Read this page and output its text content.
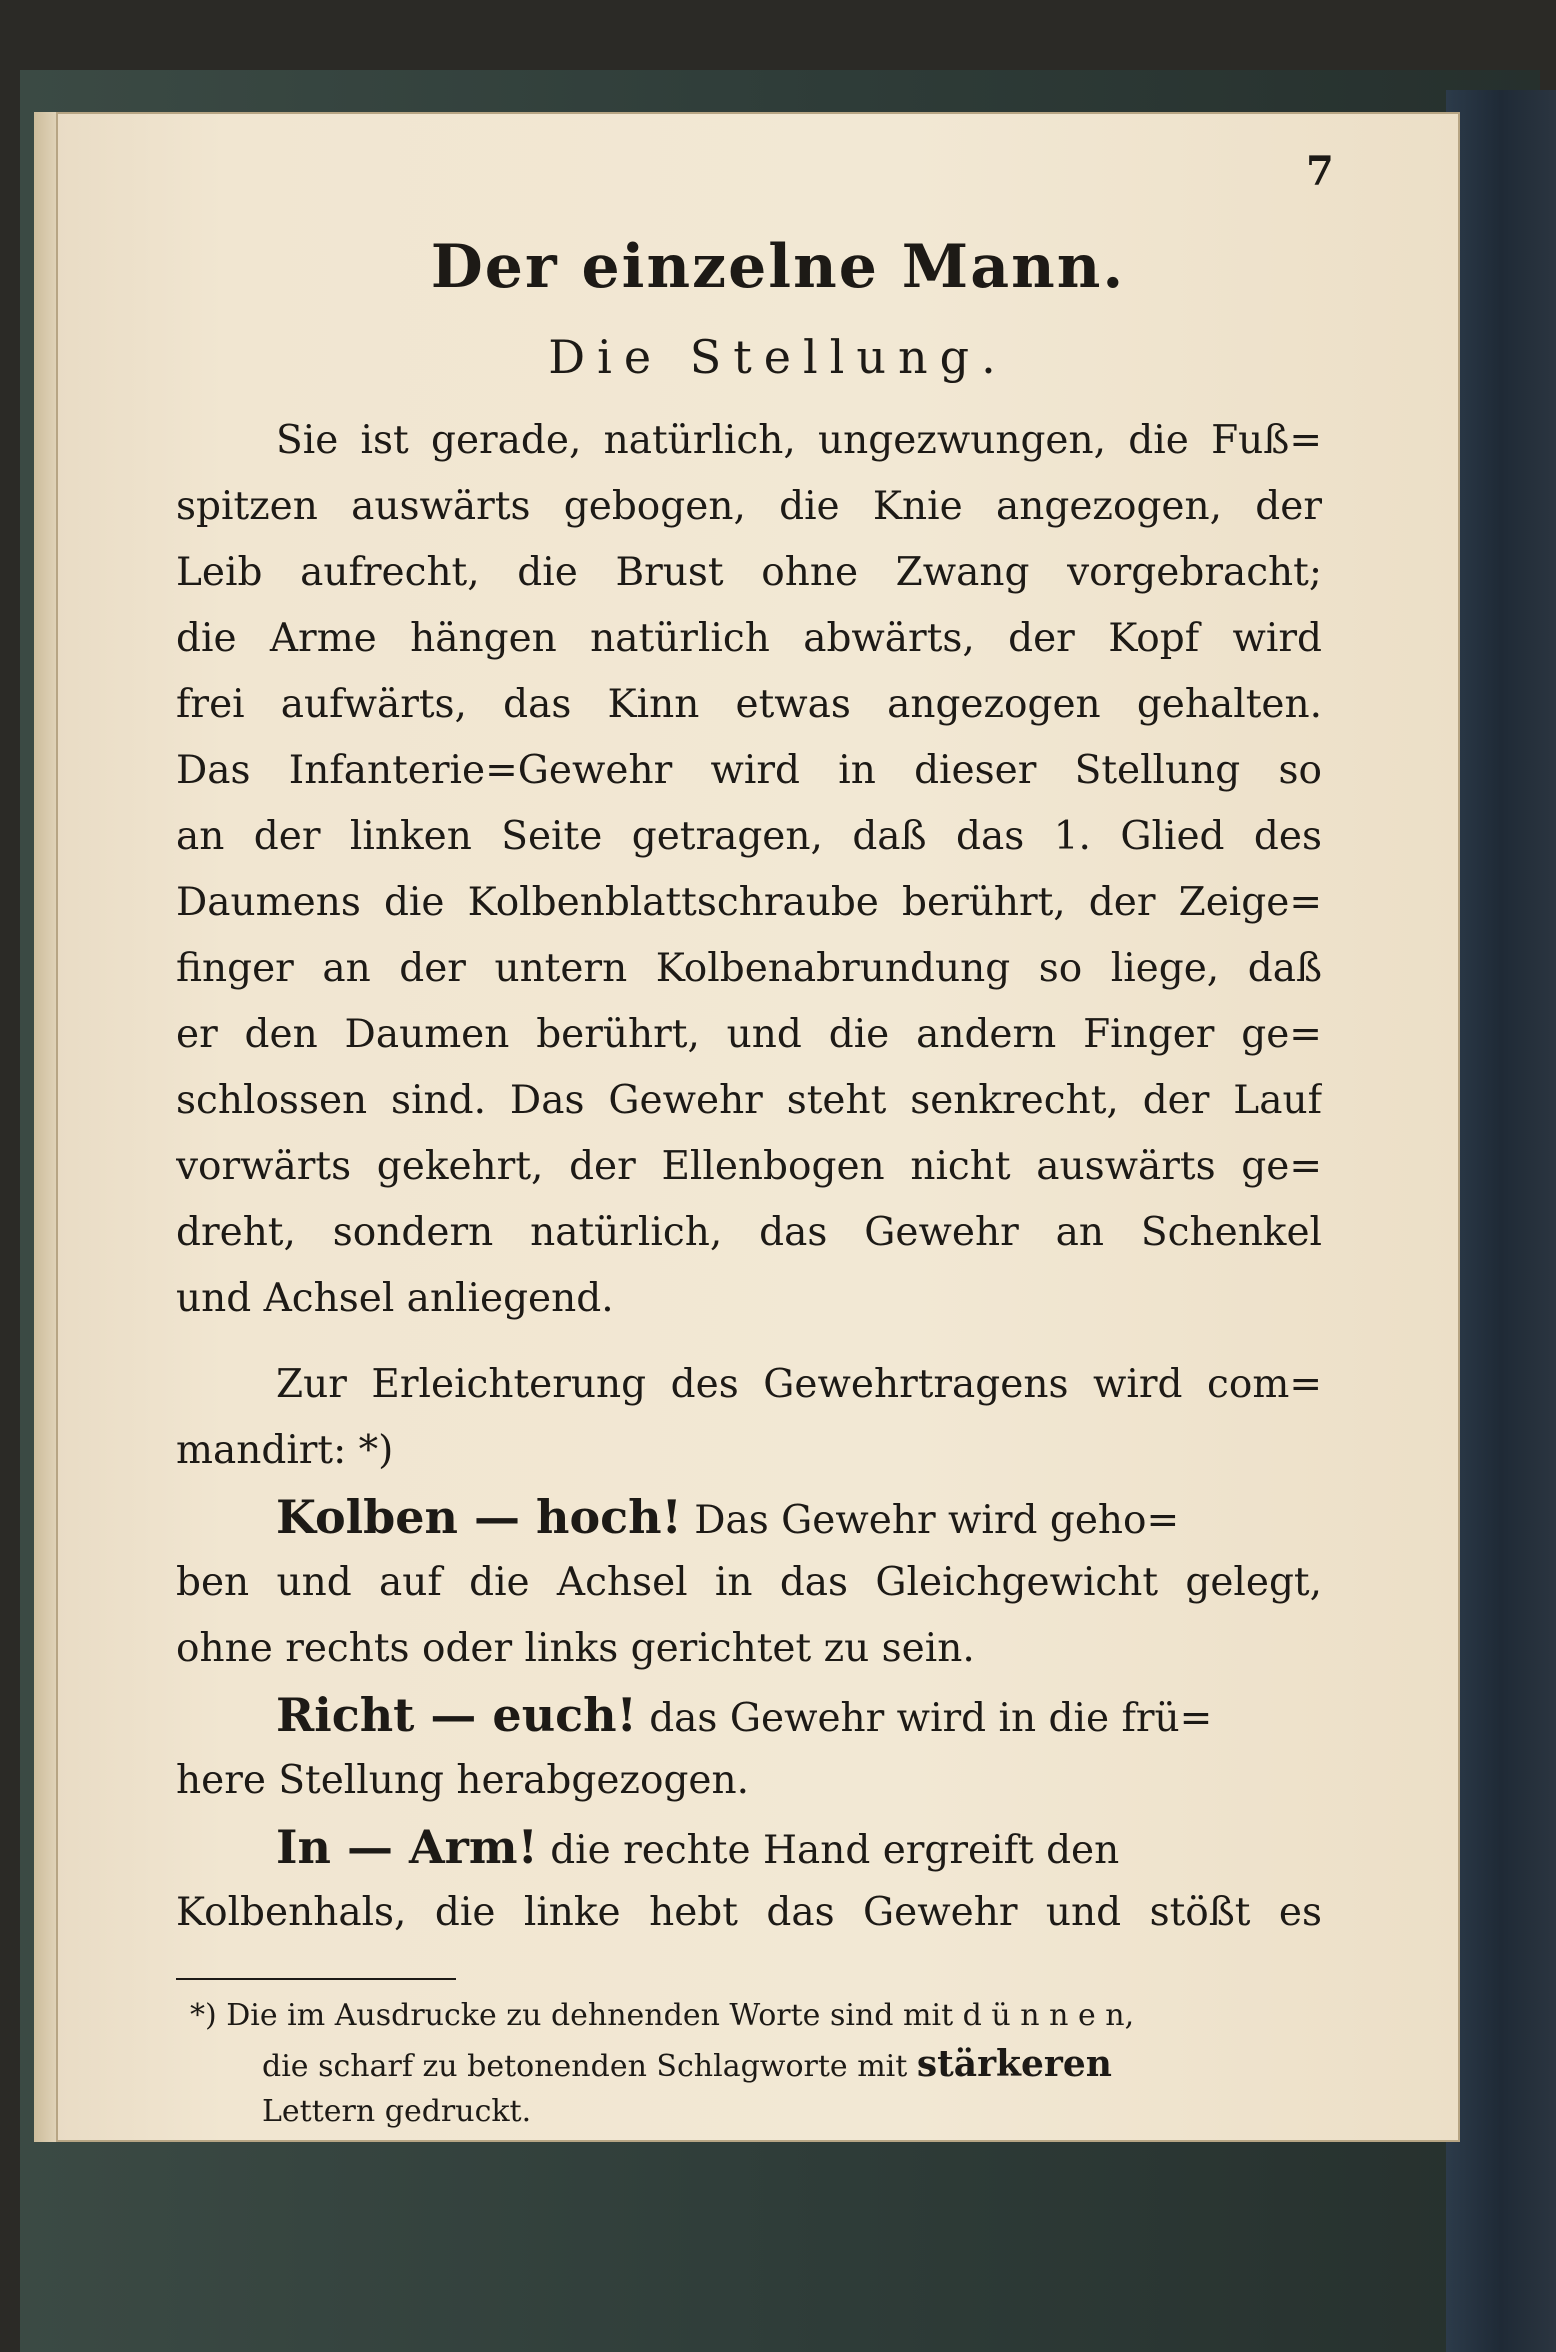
7
Der einzelne Mann.
Die Stellung.
Sie ist gerade, natürlich, ungezwungen, die Fuß=
spitzen auswärts gebogen, die Knie angezogen, der
Leib aufrecht, die Brust ohne Zwang vorgebracht;
die Arme hängen natürlich abwärts, der Kopf wird
frei aufwärts, das Kinn etwas angezogen gehalten.
Das Infanterie=Gewehr wird in dieser Stellung so
an der linken Seite getragen, daß das 1. Glied des
Daumens die Kolbenblattschraube berührt, der Zeige=
finger an der untern Kolbenabrundung so liege, daß
er den Daumen berührt, und die andern Finger ge=
schlossen sind. Das Gewehr steht senkrecht, der Lauf
vorwärts gekehrt, der Ellenbogen nicht auswärts ge=
dreht, sondern natürlich, das Gewehr an Schenkel
und Achsel anliegend.
Zur Erleichterung des Gewehrtragens wird com=
mandirt: *)
Kolben — hoch! Das Gewehr wird geho=
ben und auf die Achsel in das Gleichgewicht gelegt,
ohne rechts oder links gerichtet zu sein.
Richt — euch! das Gewehr wird in die frü=
here Stellung herabgezogen.
In — Arm! die rechte Hand ergreift den
Kolbenhals, die linke hebt das Gewehr und stößt es
*) Die im Ausdrucke zu dehnenden Worte sind mit d ü n n e n,
die scharf zu betonenden Schlagworte mit stärkeren
Lettern gedruckt.
